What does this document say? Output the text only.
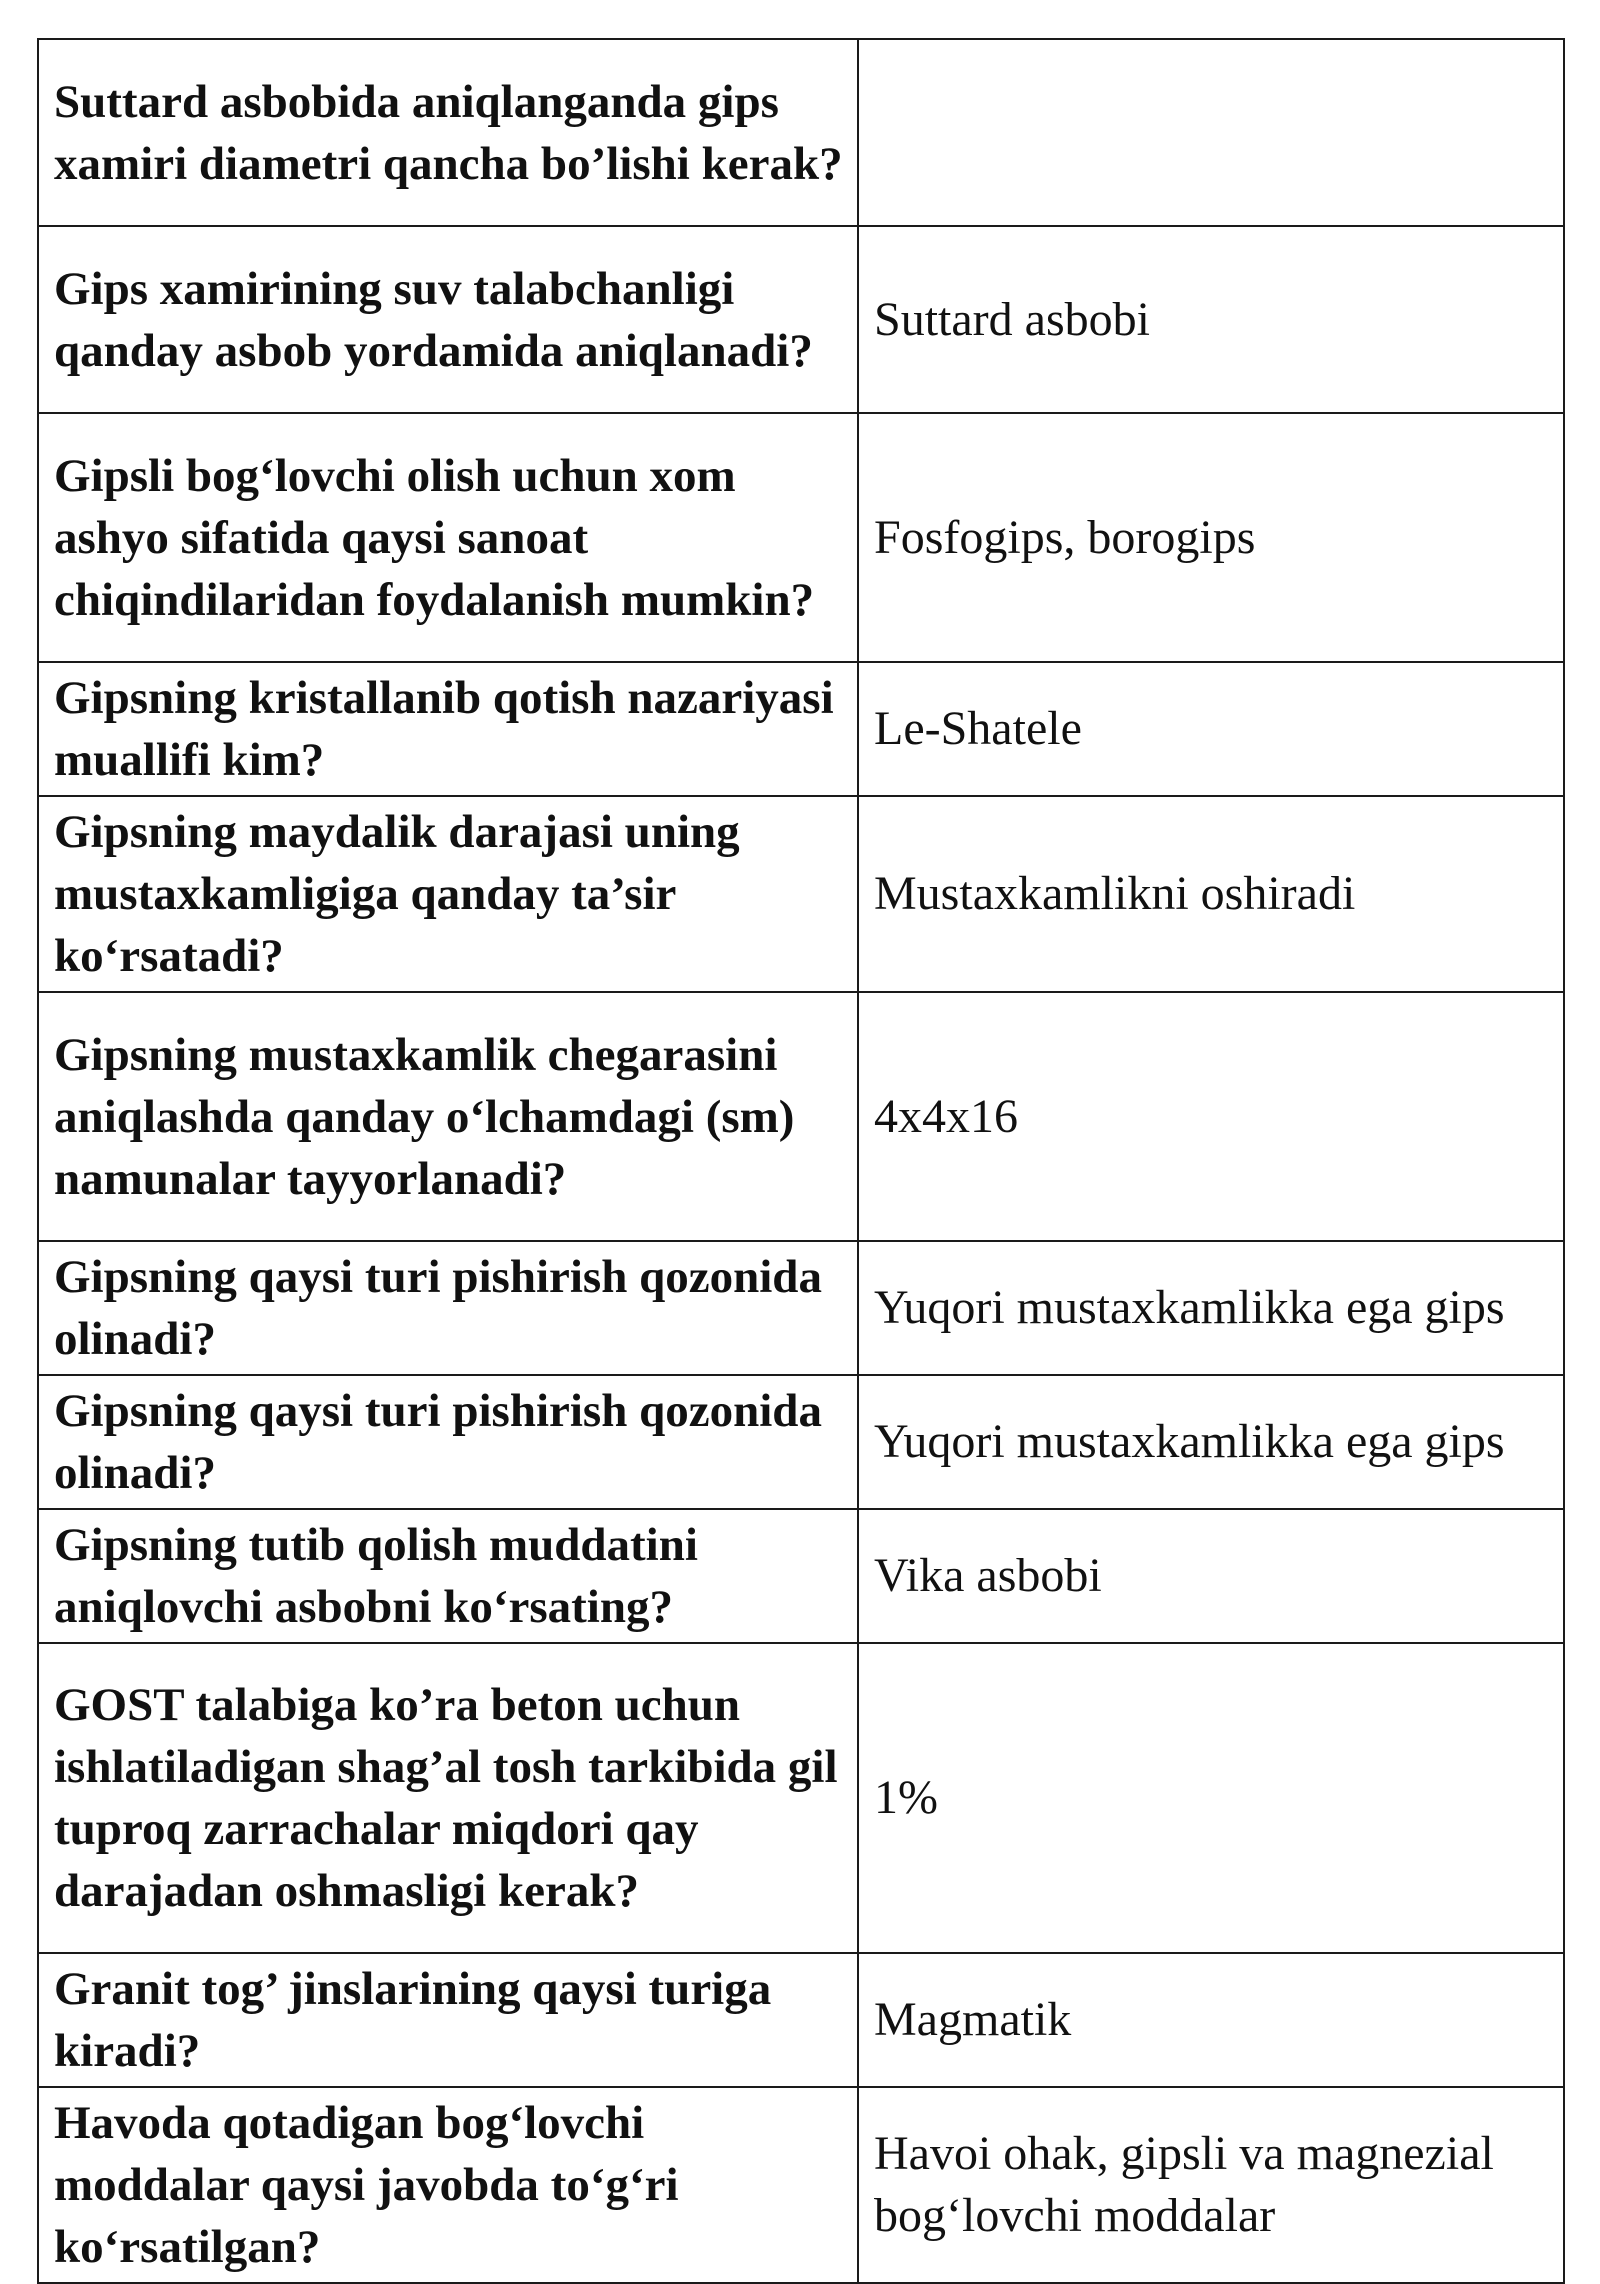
Suttard asbobida aniqlanganda gips xamiri diametri qancha bo’lishi kerak?	
Gips xamirining suv talabchanligi qanday asbob yordamida aniqlanadi?	Suttard asbobi
Gipsli bog‘lovchi olish uchun xom ashyo sifatida qaysi sanoat chiqindilaridan foydalanish mumkin?	Fosfogips, borogips
Gipsning kristallanib qotish nazariyasi muallifi kim?	Le-Shatele
Gipsning maydalik darajasi uning mustaxkamligiga qanday ta’sir ko‘rsatadi?	Mustaxkamlikni oshiradi
Gipsning mustaxkamlik chegarasini aniqlashda qanday o‘lchamdagi (sm) namunalar tayyorlanadi?	4x4x16
Gipsning qaysi turi pishirish qozonida olinadi?	Yuqori mustaxkamlikka ega gips
Gipsning qaysi turi pishirish qozonida olinadi?	Yuqori mustaxkamlikka ega gips
Gipsning tutib qolish muddatini aniqlovchi asbobni ko‘rsating?	Vika asbobi
GOST talabiga ko’ra beton uchun ishlatiladigan shag’al tosh tarkibida gil tuproq zarrachalar miqdori qay darajadan oshmasligi kerak?	1%
Granit tog’ jinslarining qaysi turiga kiradi?	Magmatik
Havoda qotadigan bog‘lovchi moddalar qaysi javobda to‘g‘ri ko‘rsatilgan?	Havoi ohak, gipsli va magnezial bog‘lovchi moddalar
